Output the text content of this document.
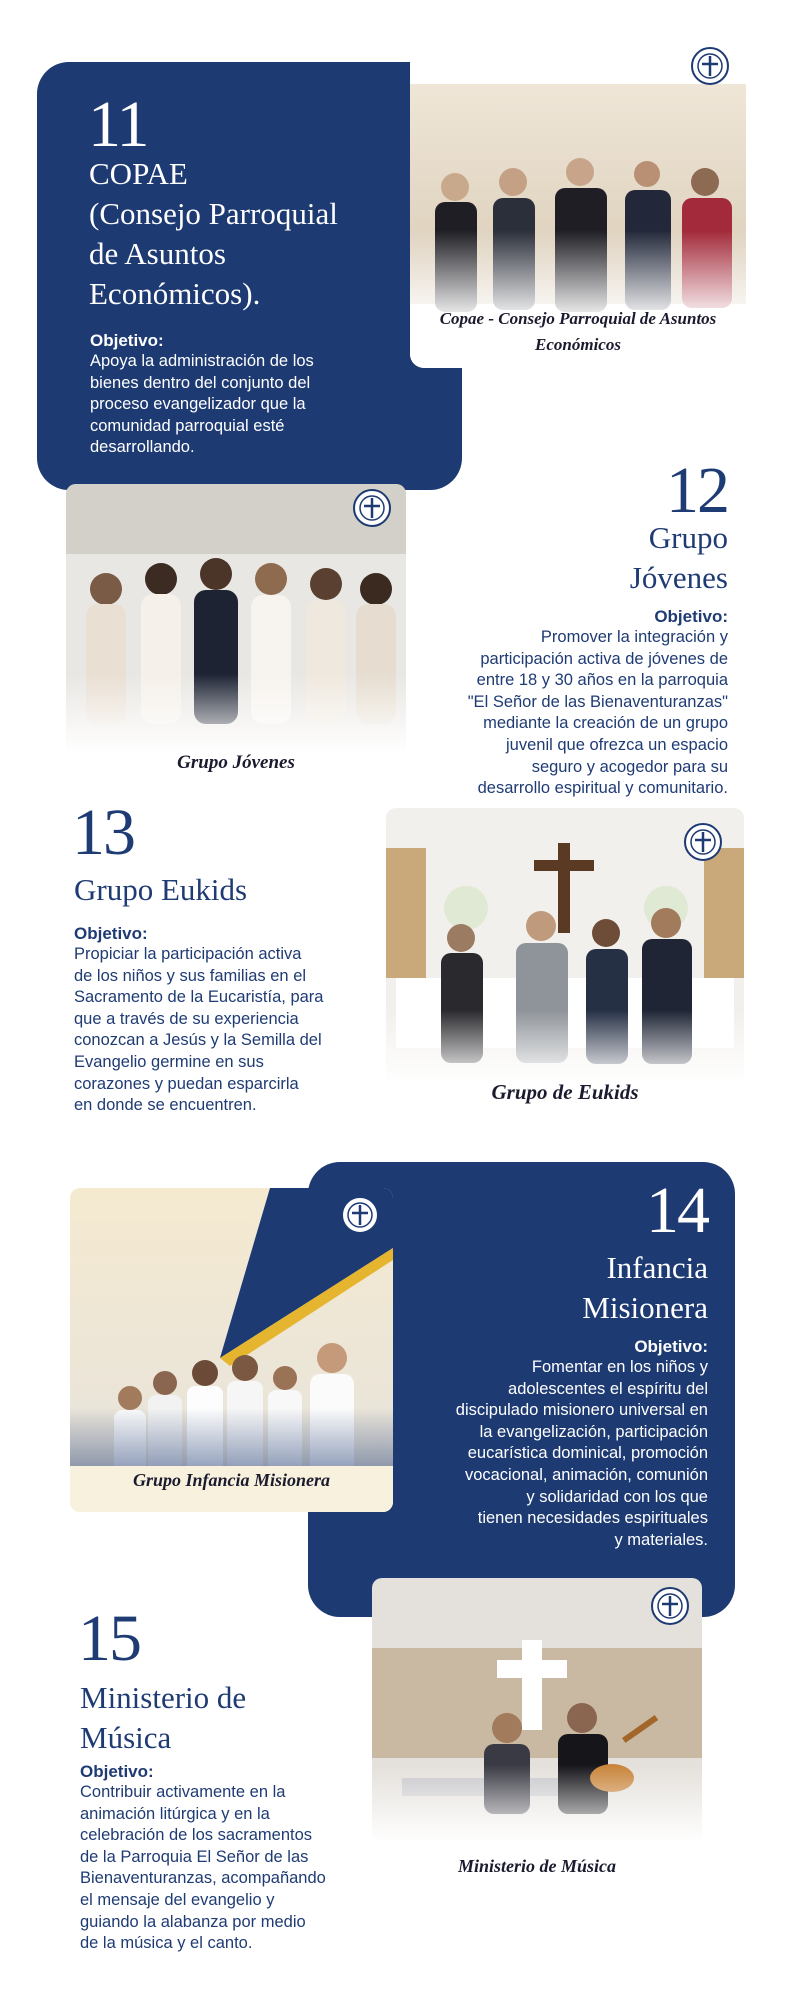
11
COPAE
(Consejo Parroquial
de Asuntos
Económicos).
Objetivo:
Apoya la administración de los
bienes dentro del conjunto del
proceso evangelizador que la
comunidad parroquial esté
desarrollando.
Copae - Consejo Parroquial de Asuntos
Económicos
Grupo Jóvenes
12
Grupo
Jóvenes
Objetivo:
Promover la integración y
participación activa de jóvenes de
entre 18 y 30 años en la parroquia
"El Señor de las Bienaventuranzas"
mediante la creación de un grupo
juvenil que ofrezca un espacio
seguro y acogedor para su
desarrollo espiritual y comunitario.
13
Grupo Eukids
Objetivo:
Propiciar la participación activa
de los niños y sus familias en el
Sacramento de la Eucaristía, para
que a través de su experiencia
conozcan a Jesús y la Semilla del
Evangelio germine en sus
corazones y puedan esparcirla
en donde se encuentren.
Grupo de Eukids
14
Infancia
Misionera
Objetivo:
Fomentar en los niños y
adolescentes el espíritu del
discipulado misionero universal en
la evangelización, participación
eucarística dominical, promoción
vocacional, animación, comunión
y solidaridad con los que
tienen necesidades espirituales
y materiales.
Grupo Infancia Misionera
15
Ministerio de
Música
Objetivo:
Contribuir activamente en la
animación litúrgica y en la
celebración de los sacramentos
de la Parroquia El Señor de las
Bienaventuranzas, acompañando
el mensaje del evangelio y
guiando la alabanza por medio
de la música y el canto.
Ministerio de Música
